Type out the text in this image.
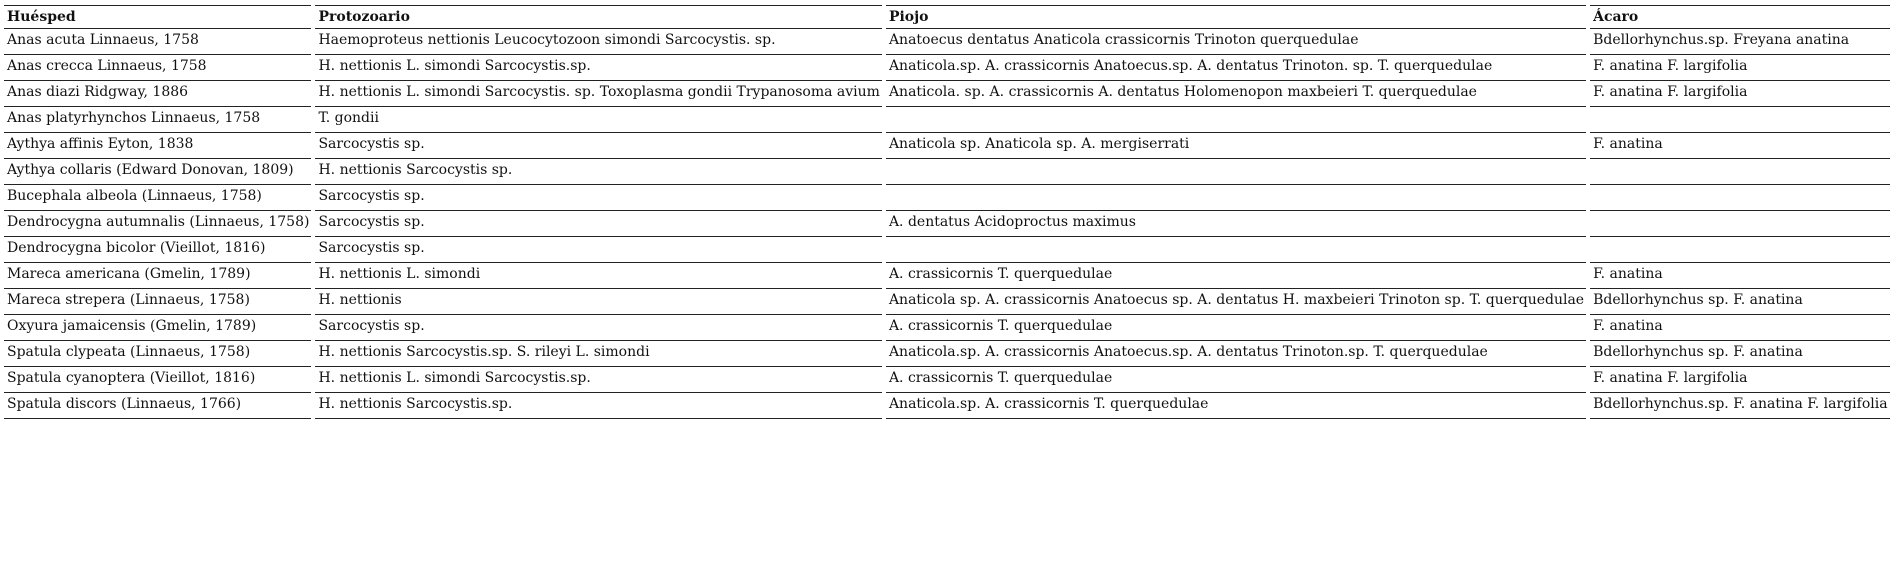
Huésped	Protozoario	Piojo	Ácaro
Anas acuta Linnaeus, 1758	Haemoproteus nettionis Leucocytozoon simondi Sarcocystis. sp.	Anatoecus dentatus Anaticola crassicornis Trinoton querquedulae	Bdellorhynchus.sp. Freyana anatina
Anas crecca Linnaeus, 1758	H. nettionis L. simondi Sarcocystis.sp.	Anaticola.sp. A. crassicornis Anatoecus.sp. A. dentatus Trinoton. sp. T. querquedulae	F. anatina F. largifolia
Anas diazi Ridgway, 1886	H. nettionis L. simondi Sarcocystis. sp. Toxoplasma gondii Trypanosoma avium	Anaticola. sp. A. crassicornis A. dentatus Holomenopon maxbeieri T. querquedulae	F. anatina F. largifolia
Anas platyrhynchos Linnaeus, 1758	T. gondii		
Aythya affinis Eyton, 1838	Sarcocystis sp.	Anaticola sp. Anaticola sp. A. mergiserrati	F. anatina
Aythya collaris (Edward Donovan, 1809)	H. nettionis Sarcocystis sp.		
Bucephala albeola (Linnaeus, 1758)	Sarcocystis sp.		
Dendrocygna autumnalis (Linnaeus, 1758)	Sarcocystis sp.	A. dentatus Acidoproctus maximus	
Dendrocygna bicolor (Vieillot, 1816)	Sarcocystis sp.		
Mareca americana (Gmelin, 1789)	H. nettionis L. simondi	A. crassicornis T. querquedulae	F. anatina
Mareca strepera (Linnaeus, 1758)	H. nettionis	Anaticola sp. A. crassicornis Anatoecus sp. A. dentatus H. maxbeieri Trinoton sp. T. querquedulae	Bdellorhynchus sp. F. anatina
Oxyura jamaicensis (Gmelin, 1789)	Sarcocystis sp.	A. crassicornis T. querquedulae	F. anatina
Spatula clypeata (Linnaeus, 1758)	H. nettionis Sarcocystis.sp. S. rileyi L. simondi	Anaticola.sp. A. crassicornis Anatoecus.sp. A. dentatus Trinoton.sp. T. querquedulae	Bdellorhynchus sp. F. anatina
Spatula cyanoptera (Vieillot, 1816)	H. nettionis L. simondi Sarcocystis.sp.	A. crassicornis T. querquedulae	F. anatina F. largifolia
Spatula discors (Linnaeus, 1766)	H. nettionis Sarcocystis.sp.	Anaticola.sp. A. crassicornis T. querquedulae	Bdellorhynchus.sp. F. anatina F. largifolia
